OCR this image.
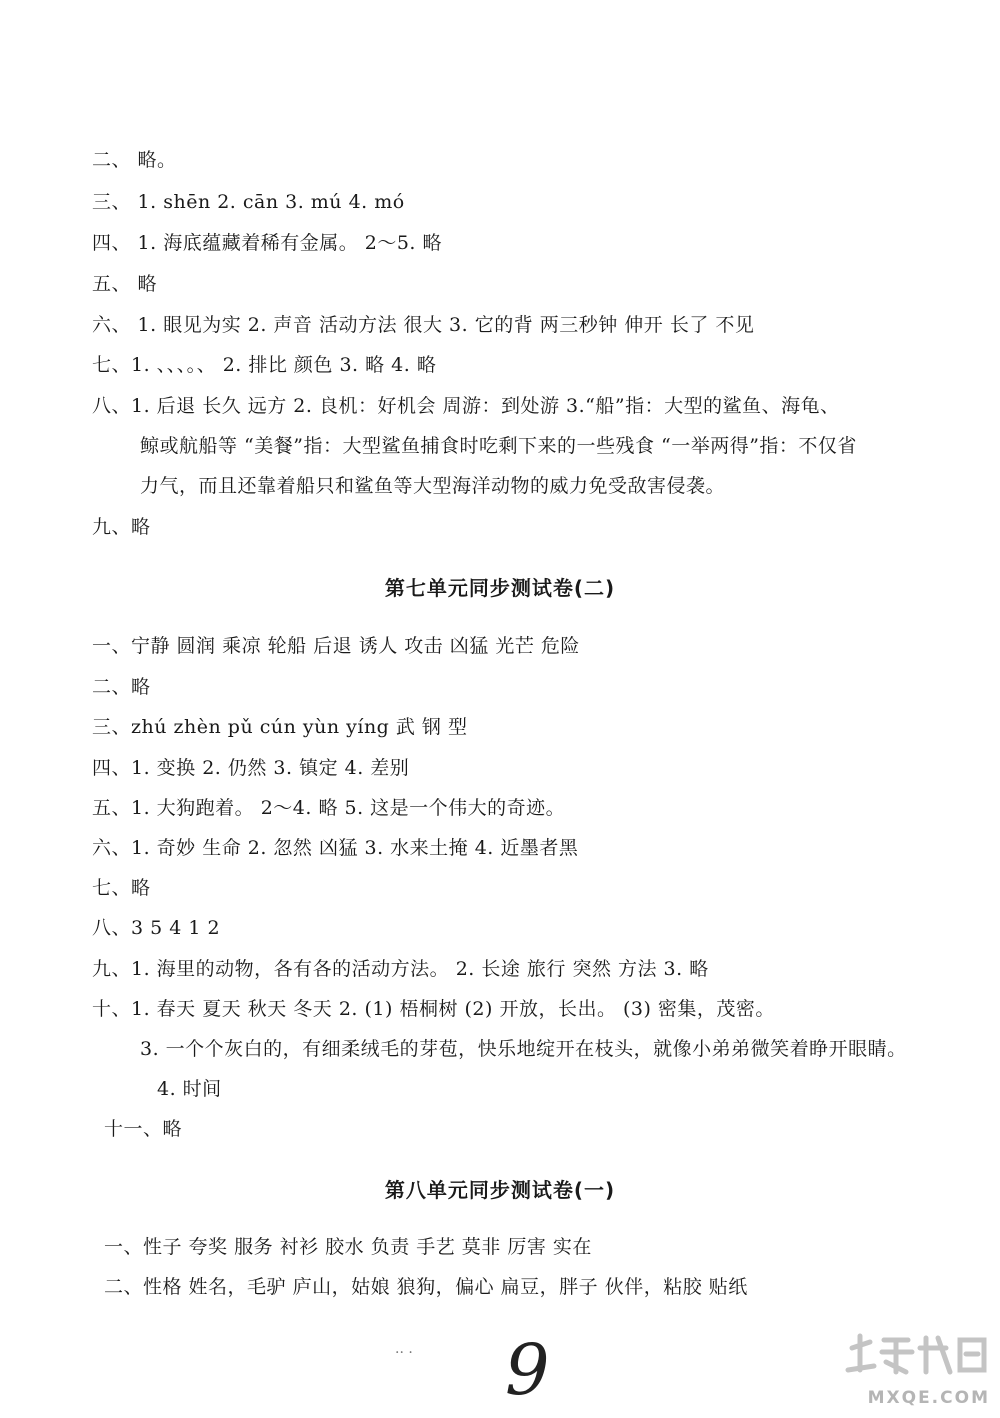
二、 略。
三、 1. shēn 2. cān 3. mú 4. mó
四、 1. 海底蕴藏着稀有金属。 2～5. 略
五、 略
六、 1. 眼见为实 2. 声音 活动方法 很大 3. 它的背 两三秒钟 伸开 长了 不见
七、1. 、、、。、 2. 排比 颜色 3. 略 4. 略
八、1. 后退 长久 远方 2. 良机：好机会 周游：到处游 3.“船”指：大型的鲨鱼、海龟、
鲸或航船等 “美餐”指：大型鲨鱼捕食时吃剩下来的一些残食 “一举两得”指：不仅省
力气，而且还靠着船只和鲨鱼等大型海洋动物的威力免受敌害侵袭。
九、略
第七单元同步测试卷(二)
一、宁静 圆润 乘凉 轮船 后退 诱人 攻击 凶猛 光芒 危险
二、略
三、zhú zhèn pǔ cún yùn yíng 武 钢 型
四、1. 变换 2. 仍然 3. 镇定 4. 差别
五、1. 大狗跑着。 2～4. 略 5. 这是一个伟大的奇迹。
六、1. 奇妙 生命 2. 忽然 凶猛 3. 水来土掩 4. 近墨者黑
七、略
八、3 5 4 1 2
九、1. 海里的动物，各有各的活动方法。 2. 长途 旅行 突然 方法 3. 略
十、1. 春天 夏天 秋天 冬天 2. (1) 梧桐树 (2) 开放，长出。 (3) 密集，茂密。
3. 一个个灰白的，有细柔绒毛的芽苞，快乐地绽开在枝头，就像小弟弟微笑着睁开眼睛。
4. 时间
十一、略
第八单元同步测试卷(一)
一、性子 夸奖 服务 衬衫 胶水 负责 手艺 莫非 厉害 实在
二、性格 姓名，毛驴 庐山，姑娘 狼狗，偏心 扁豆，胖子 伙伴，粘胶 贴纸
·· · 9	MXQE.COM
